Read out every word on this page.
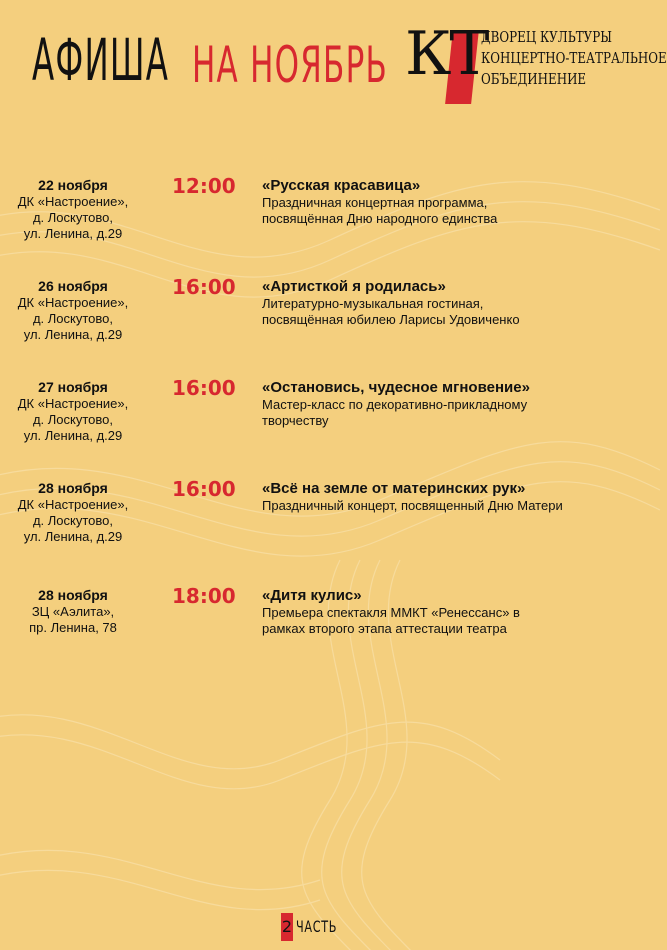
АФИША НА НОЯБРЬ КТ
ДВОРЕЦ КУЛЬТУРЫ
КОНЦЕРТНО-ТЕАТРАЛЬНОЕ
ОБЪЕДИНЕНИЕ
22 ноября
ДК «Настроение»,
д. Лоскутово,
ул. Ленина, д.29
12:00	«Русская красавица»
Праздничная концертная программа,
посвящённая Дню народного единства
26 ноября
ДК «Настроение»,
д. Лоскутово,
ул. Ленина, д.29
16:00	«Артисткой я родилась»
Литературно-музыкальная гостиная,
посвящённая юбилею Ларисы Удовиченко
27 ноября
ДК «Настроение»,
д. Лоскутово,
ул. Ленина, д.29
16:00	«Остановись, чудесное мгновение»
Мастер-класс по декоративно-прикладному
творчеству
28 ноября
ДК «Настроение»,
д. Лоскутово,
ул. Ленина, д.29
16:00	«Всё на земле от материнских рук»
Праздничный концерт, посвященный Дню Матери
28 ноября
ЗЦ «Аэлита»,
пр. Ленина, 78
18:00	«Дитя кулис»
Премьера спектакля ММКТ «Ренессанс» в
рамках второго этапа аттестации театра
2 ЧАСТЬ
